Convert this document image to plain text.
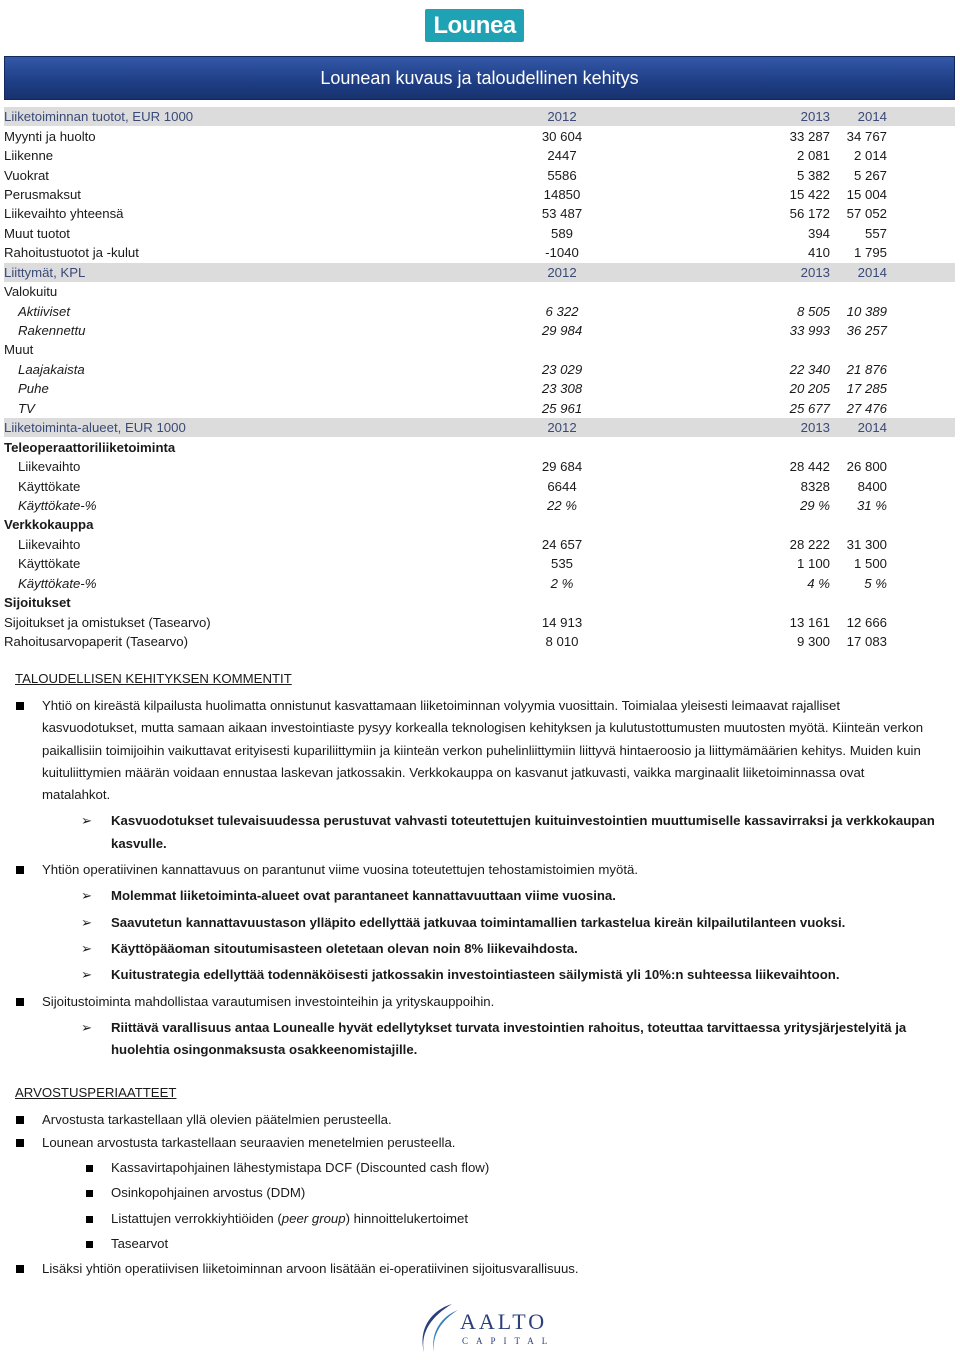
Lounea
Lounean kuvaus ja taloudellinen kehitys
Liiketoiminnan tuotot, EUR 1000	2012	2013	2014
Myynti ja huolto	30 604	33 287	34 767
Liikenne	2447	2 081	2 014
Vuokrat	5586	5 382	5 267
Perusmaksut	14850	15 422	15 004
Liikevaihto yhteensä	53 487	56 172	57 052
Muut tuotot	589	394	557
Rahoitustuotot ja -kulut	-1040	410	1 795
Liittymät, KPL	2012	2013	2014
Valokuitu			
Aktiiviset	6 322	8 505	10 389
Rakennettu	29 984	33 993	36 257
Muut			
Laajakaista	23 029	22 340	21 876
Puhe	23 308	20 205	17 285
TV	25 961	25 677	27 476
Liiketoiminta-alueet, EUR 1000	2012	2013	2014
Teleoperaattoriliiketoiminta			
Liikevaihto	29 684	28 442	26 800
Käyttökate	6644	8328	8400
Käyttökate-%	22 %	29 %	31 %
Verkkokauppa			
Liikevaihto	24 657	28 222	31 300
Käyttökate	535	1 100	1 500
Käyttökate-%	2 %	4 %	5 %
Sijoitukset			
Sijoitukset ja omistukset (Tasearvo)	14 913	13 161	12 666
Rahoitusarvopaperit (Tasearvo)	8 010	9 300	17 083
TALOUDELLISEN KEHITYKSEN KOMMENTIT
Yhtiö on kireästä kilpailusta huolimatta onnistunut kasvattamaan liiketoiminnan volyymia vuosittain. Toimialaa yleisesti leimaavat rajalliset kasvuodotukset, mutta samaan aikaan investointiaste pysyy korkealla teknologisen kehityksen ja kulutustottumusten muutosten myötä. Kiinteän verkon paikallisiin toimijoihin vaikuttavat erityisesti kupariliittymiin ja kiinteän verkon puhelinliittymiin liittyvä hintaeroosio ja liittymämäärien kehitys. Muiden kuin kuituliittymien määrän voidaan ennustaa laskevan jatkossakin. Verkkokauppa on kasvanut jatkuvasti, vaikka marginaalit liiketoiminnassa ovat matalahkot.
➢ Kasvuodotukset tulevaisuudessa perustuvat vahvasti toteutettujen kuituinvestointien muuttumiselle kassavirraksi ja verkkokaupan kasvulle.
Yhtiön operatiivinen kannattavuus on parantunut viime vuosina toteutettujen tehostamistoimien myötä.
➢ Molemmat liiketoiminta-alueet ovat parantaneet kannattavuuttaan viime vuosina.
➢ Saavutetun kannattavuustason ylläpito edellyttää jatkuvaa toimintamallien tarkastelua kireän kilpailutilanteen vuoksi.
➢ Käyttöpääoman sitoutumisasteen oletetaan olevan noin 8% liikevaihdosta.
➢ Kuitustrategia edellyttää todennäköisesti jatkossakin investointiasteen säilymistä yli 10%:n suhteessa liikevaihtoon.
Sijoitustoiminta mahdollistaa varautumisen investointeihin ja yrityskauppoihin.
➢ Riittävä varallisuus antaa Lounealle hyvät edellytykset turvata investointien rahoitus, toteuttaa tarvittaessa yritysjärjestelyitä ja huolehtia osingonmaksusta osakkeenomistajille.
ARVOSTUSPERIAATTEET
Arvostusta tarkastellaan yllä olevien päätelmien perusteella.
Lounean arvostusta tarkastellaan seuraavien menetelmien perusteella.
Kassavirtapohjainen lähestymistapa DCF (Discounted cash flow)
Osinkopohjainen arvostus (DDM)
Listattujen verrokkiyhtiöiden (peer group) hinnoittelukertoimet
Tasearvot
Lisäksi yhtiön operatiivisen liiketoiminnan arvoon lisätään ei-operatiivinen sijoitusvarallisuus.
AALTO
CAPITAL
